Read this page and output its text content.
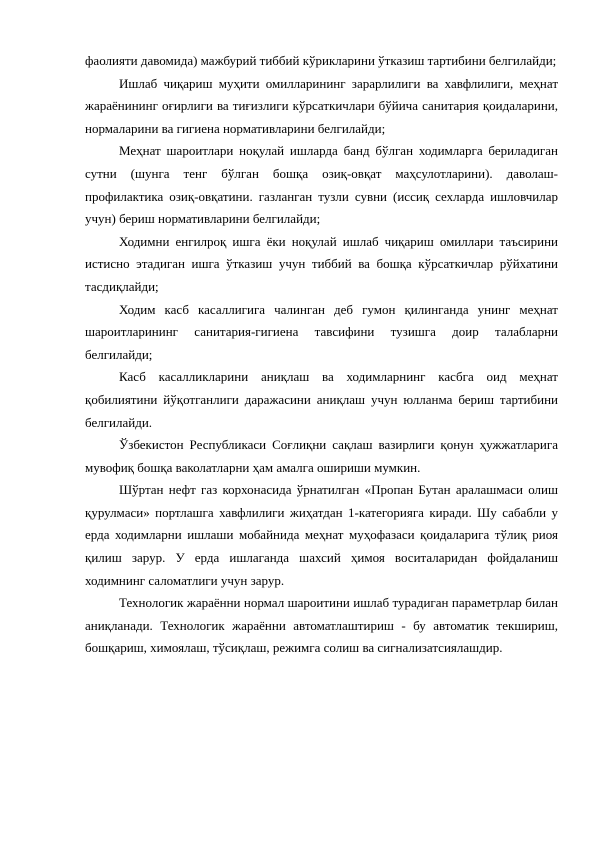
фаолияти давомида) мажбурий тиббий кўрикларини ўтказиш тартибини белгилайди;

Ишлаб чиқариш муҳити омилларининг зарарлилиги ва хавфлилиги, меҳнат жараёнининг оғирлиги ва тиғизлиги кўрсаткичлари бўйича санитария қоидаларини, нормаларини ва гигиена нормативларини белгилайди;

Меҳнат шароитлари ноқулай ишларда банд бўлган ходимларга бериладиган сутни (шунга тенг бўлган бошқа озиқ-овқат маҳсулотларини). даволаш-профилактика озиқ-овқатини. газланган тузли сувни (иссиқ сехларда ишловчилар учун) бериш нормативларини белгилайди;

Ходимни енгилроқ ишга ёки ноқулай ишлаб чиқариш омиллари таъсирини истисно этадиган ишга ўтказиш учун тиббий ва бошқа кўрсаткичлар рўйхатини тасдиқлайди;

Ходим касб касаллигига чалинган деб гумон қилинганда унинг меҳнат шароитларининг санитария-гигиена тавсифини тузишга доир талабларни белгилайди;

Касб касалликларини аниқлаш ва ходимларнинг касбга оид меҳнат қобилиятини йўқотганлиги даражасини аниқлаш учун юлланма бериш тартибини белгилайди.

Ўзбекистон Республикаси Соғлиқни сақлаш вазирлиги қонун ҳужжатларига мувофиқ бошқа ваколатларни ҳам амалга ошириши мумкин.

Шўртан нефт газ корхонасида ўрнатилган «Пропан Бутан аралашмаси олиш қурулмаси» портлашга хавфлилиги жиҳатдан 1-категорияга киради. Шу сабабли у ерда ходимларни ишлаши мобайнида меҳнат муҳофазаси қоидаларига тўлиқ риоя қилиш зарур. У ерда ишлаганда шахсий ҳимоя воситаларидан фойдаланиш ходимнинг саломатлиги учун зарур.

Технологик жараённи нормал шароитини ишлаб турадиган параметрлар билан аниқланади. Технологик жараённи автоматлаштириш - бу автоматик текшириш, бошқариш, химоялаш, тўсиқлаш, режимга солиш ва сигнализатсиялашдир.
